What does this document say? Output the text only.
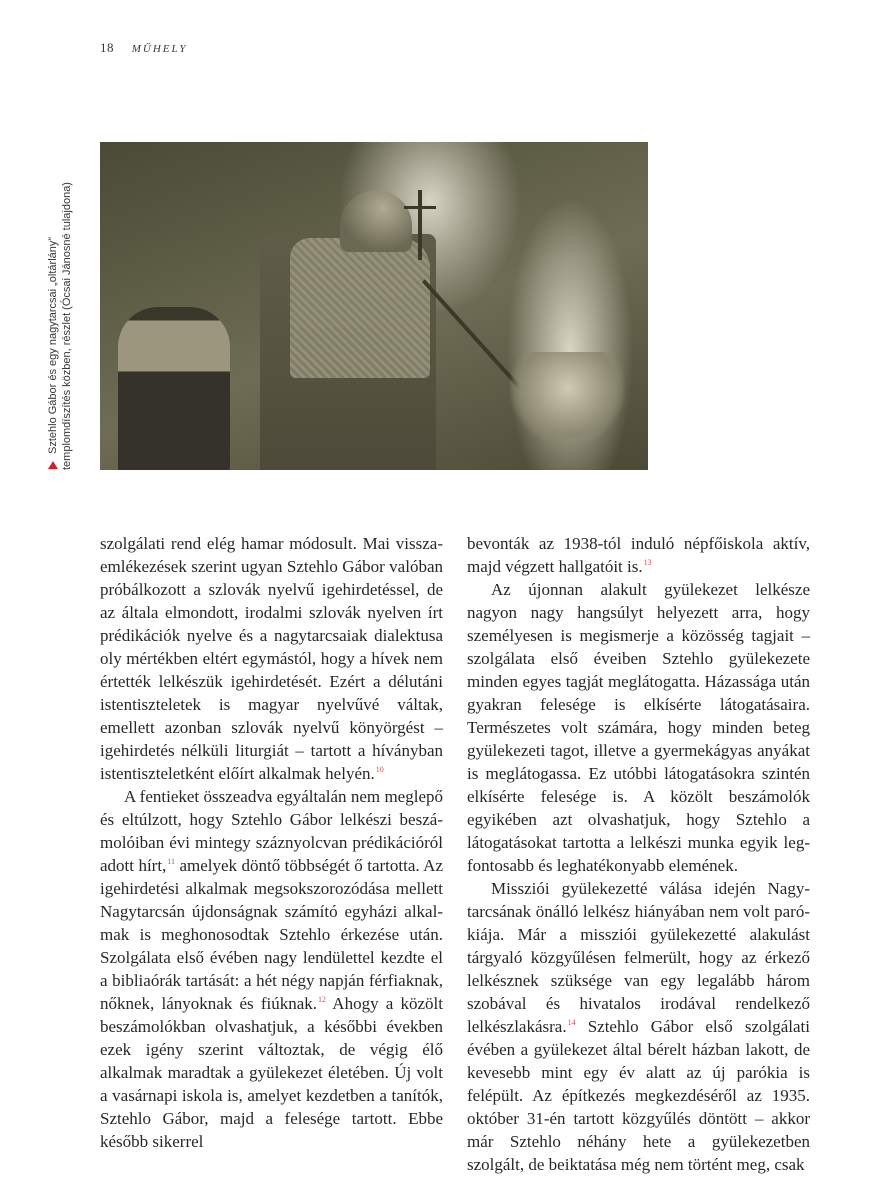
18 MŰHELY
Sztehlo Gábor és egy nagytarcsai „oltárlány” templomdíszítés közben, részlet (Ócsai Jánosné tulajdona)

szolgálati rend elég hamar módosult. Mai visszaemlékezések szerint ugyan Sztehlo Gábor valóban próbálkozott a szlovák nyelvű igehirdetéssel, de az általa elmondott, irodalmi szlovák nyelven írt prédikációk nyelve és a nagytarcsaiak dialektusa oly mértékben eltért egymástól, hogy a hívek nem értették lelkészük igehirdetését. Ezért a délutáni istentiszteletek is magyar nyelvűvé váltak, emellett azonban szlovák nyelvű könyörgést – igehirdetés nélküli liturgiát – tartott a híványban istentiszteletként előírt alkalmak helyén.$^{10}$

A fentieket összeadva egyáltalán nem meglepő és eltúlzott, hogy Sztehlo Gábor lelkészi beszámolóiban évi mintegy száznyolcvan prédikációról adott hírt,$^{11}$ amelyek döntő többségét ő tartotta. Az igehirdetési alkalmak megsokszorozódása mellett Nagytarcsán újdonságnak számító egyházi alkalmak is meghonosodtak Sztehlo érkezése után. Szolgálata első évében nagy lendülettel kezdte el a bibliaórák tartását: a hét négy napján férfiaknak, nőknek, lányoknak és fiúknak.$^{12}$ Ahogy a közölt beszámolókban olvashatjuk, a későbbi években ezek igény szerint változtak, de végig élő alkalmak maradtak a gyülekezet életében. Új volt a vasárnapi iskola is, amelyet kezdetben a tanítók, Sztehlo Gábor, majd a felesége tartott. Ebbe később sikerrel

bevonták az 1938-tól induló népfőiskola aktív, majd végzett hallgatóit is.$^{13}$

Az újonnan alakult gyülekezet lelkésze nagyon nagy hangsúlyt helyezett arra, hogy személyesen is megismerje a közösség tagjait – szolgálata első éveiben Sztehlo gyülekezete minden egyes tagját meglátogatta. Házassága után gyakran felesége is elkísérte látogatásaira. Természetes volt számára, hogy minden beteg gyülekezeti tagot, illetve a gyermekágyas anyákat is meglátogassa. Ez utóbbi látogatásokra szintén elkísérte felesége is. A közölt beszámolók egyikében azt olvashatjuk, hogy Sztehlo a látogatásokat tartotta a lelkészi munka egyik legfontosabb és leghatékonyabb elemének.

Missziói gyülekezetté válása idején Nagytarcsának önálló lelkész hiányában nem volt parókiája. Már a missziói gyülekezetté alakulást tárgyaló közgyűlésen felmerült, hogy az érkező lelkésznek szüksége van egy legalább három szobával és hivatalos irodával rendelkező lelkészlakásra.$^{14}$ Sztehlo Gábor első szolgálati évében a gyülekezet által bérelt házban lakott, de kevesebb mint egy év alatt az új parókia is felépült. Az építkezés megkezdéséről az 1935. október 31-én tartott közgyűlés döntött – akkor már Sztehlo néhány hete a gyülekezetben szolgált, de beiktatása még nem történt meg, csak
